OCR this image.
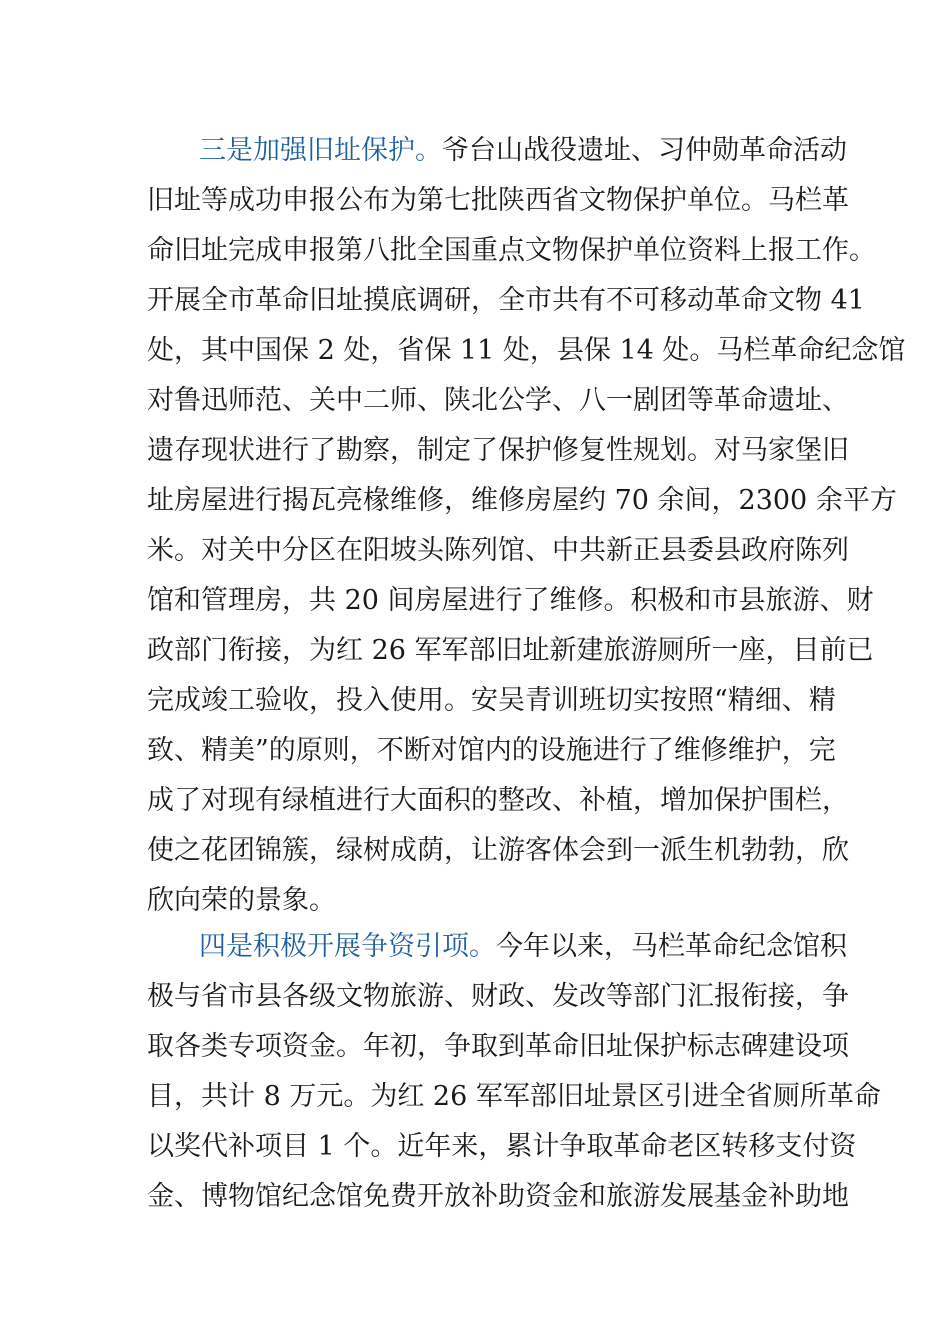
三是加强旧址保护。爷台山战役遗址、习仲勋革命活动
旧址等成功申报公布为第七批陕西省文物保护单位。马栏革
命旧址完成申报第八批全国重点文物保护单位资料上报工作。
开展全市革命旧址摸底调研，全市共有不可移动革命文物 41
处，其中国保 2 处，省保 11 处，县保 14 处。马栏革命纪念馆
对鲁迅师范、关中二师、陕北公学、八一剧团等革命遗址、
遗存现状进行了勘察，制定了保护修复性规划。对马家堡旧
址房屋进行揭瓦亮椽维修，维修房屋约 70 余间，2300 余平方
米。对关中分区在阳坡头陈列馆、中共新正县委县政府陈列
馆和管理房，共 20 间房屋进行了维修。积极和市县旅游、财
政部门衔接，为红 26 军军部旧址新建旅游厕所一座，目前已
完成竣工验收，投入使用。安吴青训班切实按照“精细、精
致、精美”的原则，不断对馆内的设施进行了维修维护，完
成了对现有绿植进行大面积的整改、补植，增加保护围栏，
使之花团锦簇，绿树成荫，让游客体会到一派生机勃勃，欣
欣向荣的景象。
四是积极开展争资引项。今年以来，马栏革命纪念馆积
极与省市县各级文物旅游、财政、发改等部门汇报衔接，争
取各类专项资金。年初，争取到革命旧址保护标志碑建设项
目，共计 8 万元。为红 26 军军部旧址景区引进全省厕所革命
以奖代补项目 1 个。近年来，累计争取革命老区转移支付资
金、博物馆纪念馆免费开放补助资金和旅游发展基金补助地
